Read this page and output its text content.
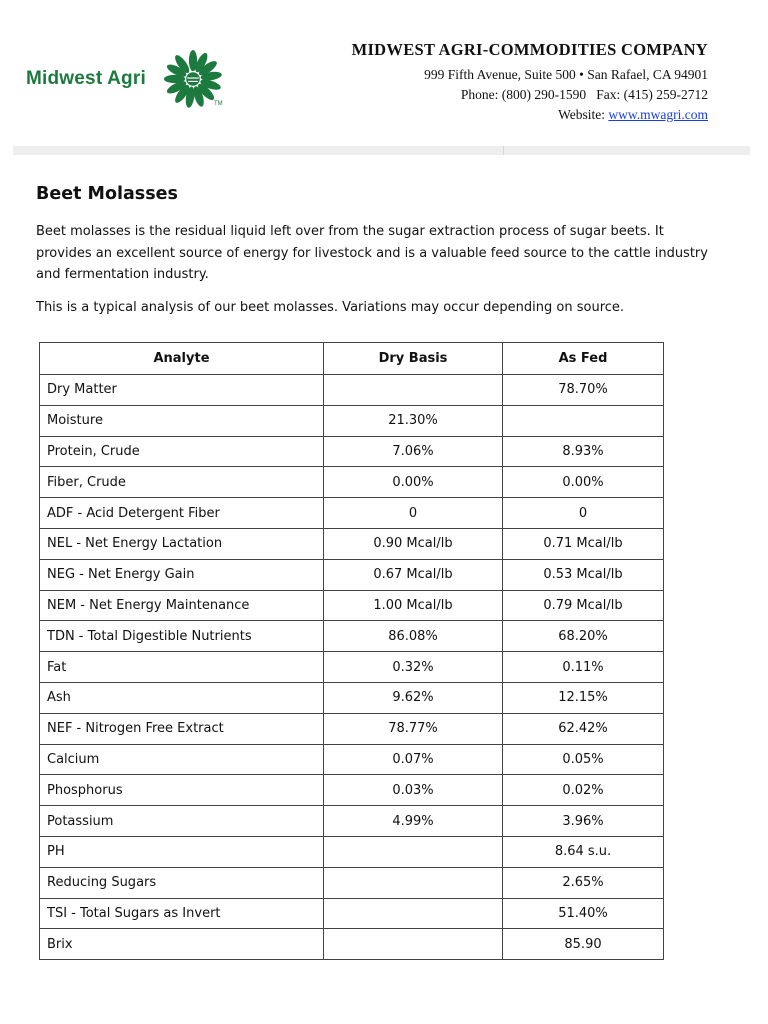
Midwest Agri
TM
MIDWEST AGRI-COMMODITIES COMPANY
999 Fifth Avenue, Suite 500 • San Rafael, CA 94901
Phone: (800) 290-1590   Fax: (415) 259-2712
Website: www.mwagri.com
Beet Molasses
Beet molasses is the residual liquid left over from the sugar extraction process of sugar beets. It provides an excellent source of energy for livestock and is a valuable feed source to the cattle industry and fermentation industry.
This is a typical analysis of our beet molasses. Variations may occur depending on source.
Analyte	Dry Basis	As Fed
Dry Matter		78.70%
Moisture	21.30%	
Protein, Crude	7.06%	8.93%
Fiber, Crude	0.00%	0.00%
ADF - Acid Detergent Fiber	0	0
NEL - Net Energy Lactation	0.90 Mcal/lb	0.71 Mcal/lb
NEG - Net Energy Gain	0.67 Mcal/lb	0.53 Mcal/lb
NEM - Net Energy Maintenance	1.00 Mcal/lb	0.79 Mcal/lb
TDN - Total Digestible Nutrients	86.08%	68.20%
Fat	0.32%	0.11%
Ash	9.62%	12.15%
NEF - Nitrogen Free Extract	78.77%	62.42%
Calcium	0.07%	0.05%
Phosphorus	0.03%	0.02%
Potassium	4.99%	3.96%
PH		8.64 s.u.
Reducing Sugars		2.65%
TSI - Total Sugars as Invert		51.40%
Brix		85.90
